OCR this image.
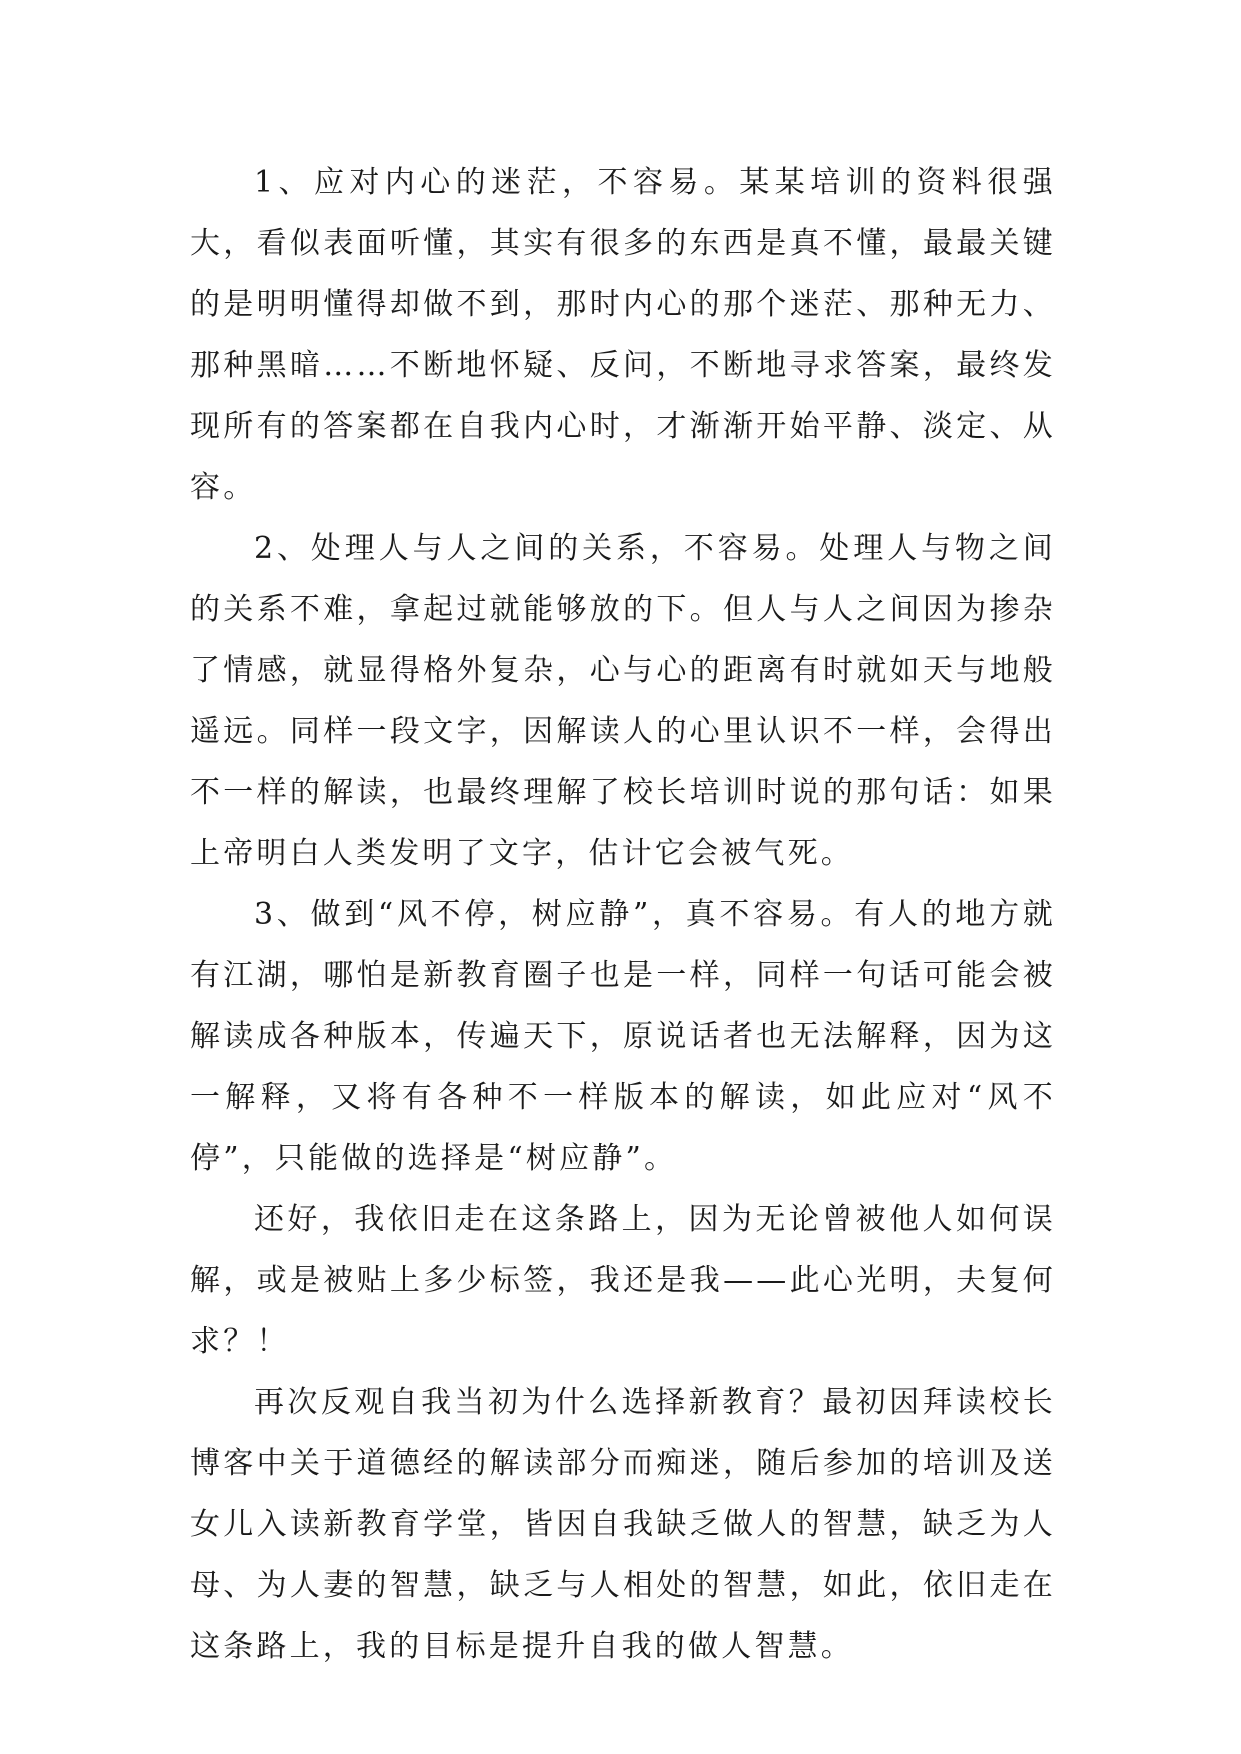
1、应对内心的迷茫，不容易。某某培训的资料很强大，看似表面听懂，其实有很多的东西是真不懂，最最关键的是明明懂得却做不到，那时内心的那个迷茫、那种无力、那种黑暗……不断地怀疑、反问，不断地寻求答案，最终发现所有的答案都在自我内心时，才渐渐开始平静、淡定、从容。

2、处理人与人之间的关系，不容易。处理人与物之间的关系不难，拿起过就能够放的下。但人与人之间因为掺杂了情感，就显得格外复杂，心与心的距离有时就如天与地般遥远。同样一段文字，因解读人的心里认识不一样，会得出不一样的解读，也最终理解了校长培训时说的那句话：如果上帝明白人类发明了文字，估计它会被气死。

3、做到“风不停，树应静”，真不容易。有人的地方就有江湖，哪怕是新教育圈子也是一样，同样一句话可能会被解读成各种版本，传遍天下，原说话者也无法解释，因为这一解释，又将有各种不一样版本的解读，如此应对“风不停”，只能做的选择是“树应静”。

还好，我依旧走在这条路上，因为无论曾被他人如何误解，或是被贴上多少标签，我还是我——此心光明，夫复何求？！

再次反观自我当初为什么选择新教育？最初因拜读校长博客中关于道德经的解读部分而痴迷，随后参加的培训及送女儿入读新教育学堂，皆因自我缺乏做人的智慧，缺乏为人母、为人妻的智慧，缺乏与人相处的智慧，如此，依旧走在这条路上，我的目标是提升自我的做人智慧。
